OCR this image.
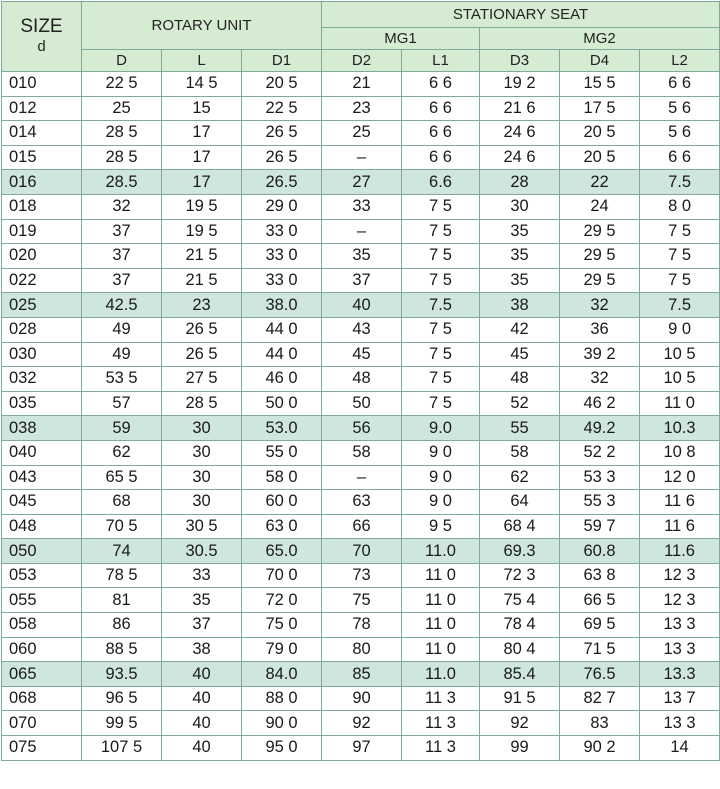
SIZE
d	ROTARY UNIT			STATIONARY SEAT				
				MG1		MG2		
	D	L	D1	D2	L1	D3	D4	L2
010	22 5	14 5	20 5	21	6 6	19 2	15 5	6 6
012	25	15	22 5	23	6 6	21 6	17 5	5 6
014	28 5	17	26 5	25	6 6	24 6	20 5	5 6
015	28 5	17	26 5	–	6 6	24 6	20 5	6 6
016	28.5	17	26.5	27	6.6	28	22	7.5
018	32	19 5	29 0	33	7 5	30	24	8 0
019	37	19 5	33 0	–	7 5	35	29 5	7 5
020	37	21 5	33 0	35	7 5	35	29 5	7 5
022	37	21 5	33 0	37	7 5	35	29 5	7 5
025	42.5	23	38.0	40	7.5	38	32	7.5
028	49	26 5	44 0	43	7 5	42	36	9 0
030	49	26 5	44 0	45	7 5	45	39 2	10 5
032	53 5	27 5	46 0	48	7 5	48	32	10 5
035	57	28 5	50 0	50	7 5	52	46 2	11 0
038	59	30	53.0	56	9.0	55	49.2	10.3
040	62	30	55 0	58	9 0	58	52 2	10 8
043	65 5	30	58 0	–	9 0	62	53 3	12 0
045	68	30	60 0	63	9 0	64	55 3	11 6
048	70 5	30 5	63 0	66	9 5	68 4	59 7	11 6
050	74	30.5	65.0	70	11.0	69.3	60.8	11.6
053	78 5	33	70 0	73	11 0	72 3	63 8	12 3
055	81	35	72 0	75	11 0	75 4	66 5	12 3
058	86	37	75 0	78	11 0	78 4	69 5	13 3
060	88 5	38	79 0	80	11 0	80 4	71 5	13 3
065	93.5	40	84.0	85	11.0	85.4	76.5	13.3
068	96 5	40	88 0	90	11 3	91 5	82 7	13 7
070	99 5	40	90 0	92	11 3	92	83	13 3
075	107 5	40	95 0	97	11 3	99	90 2	14
